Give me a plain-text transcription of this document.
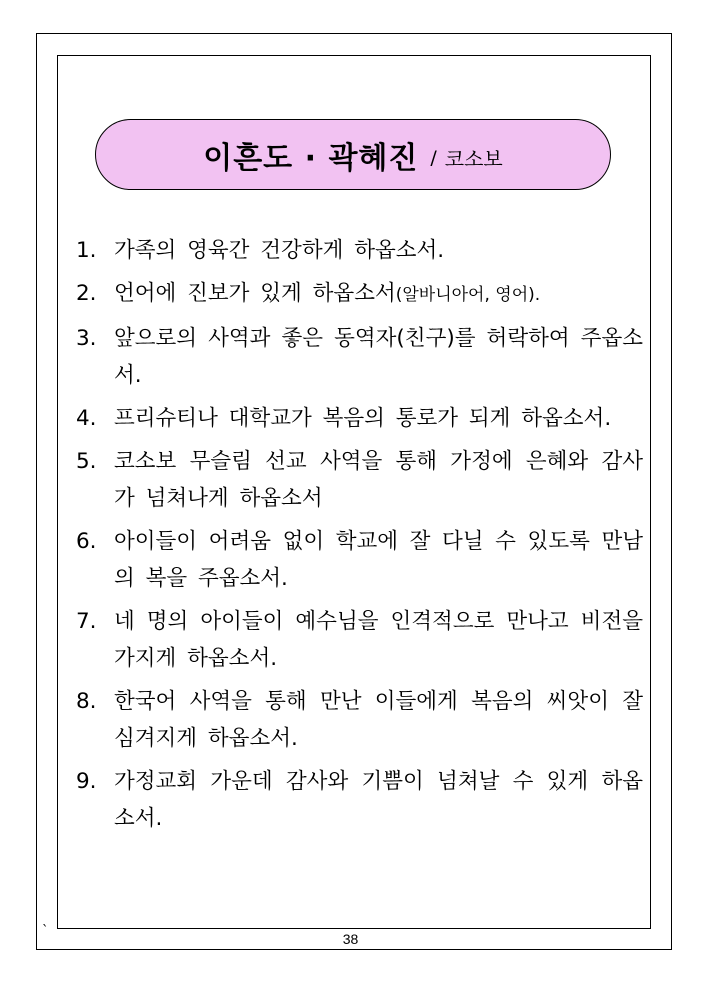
이흔도 · 곽혜진 / 코소보
1. 가족의 영육간 건강하게 하옵소서.
2. 언어에 진보가 있게 하옵소서(알바니아어, 영어).
3. 앞으로의 사역과 좋은 동역자(친구)를 허락하여 주옵소서.
4. 프리슈티나 대학교가 복음의 통로가 되게 하옵소서.
5. 코소보 무슬림 선교 사역을 통해 가정에 은혜와 감사가 넘쳐나게 하옵소서
6. 아이들이 어려움 없이 학교에 잘 다닐 수 있도록 만남의 복을 주옵소서.
7. 네 명의 아이들이 예수님을 인격적으로 만나고 비전을 가지게 하옵소서.
8. 한국어 사역을 통해 만난 이들에게 복음의 씨앗이 잘 심겨지게 하옵소서.
9. 가정교회 가운데 감사와 기쁨이 넘쳐날 수 있게 하옵소서.
`	38
